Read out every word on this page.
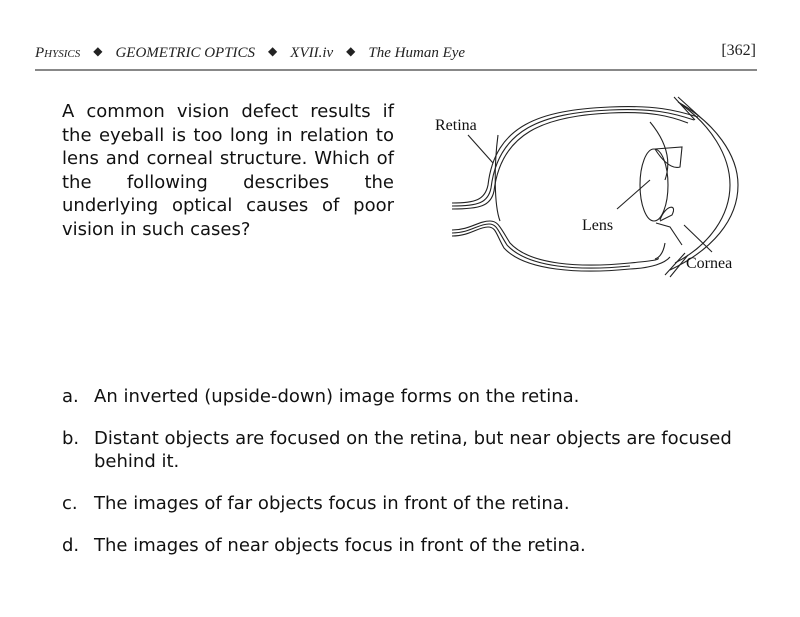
Physics ◆ GEOMETRIC OPTICS ◆ XVII.iv ◆ The Human Eye	[362]
A common vision defect results if the eyeball is too long in relation to lens and corneal structure. Which of the following describes the underlying optical causes of poor vision in such cases?
Retina
Lens
Cornea
a. An inverted (upside-down) image forms on the retina.
b. Distant objects are focused on the retina, but near objects are focused behind it.
c. The images of far objects focus in front of the retina.
d. The images of near objects focus in front of the retina.
